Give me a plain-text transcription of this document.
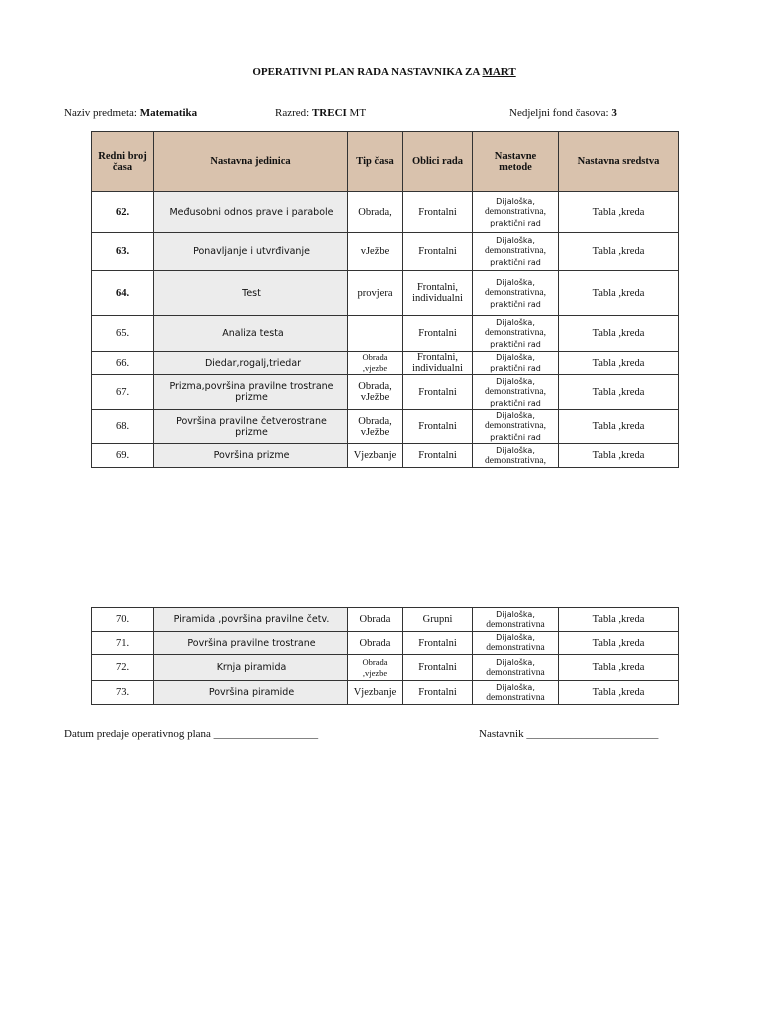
OPERATIVNI PLAN RADA NASTAVNIKA ZA MART
Naziv predmeta: Matematika	Razred: TRECI MT	Nedjeljni fond časova: 3
Redni broj časa	Nastavna jedinica	Tip časa	Oblici rada	Nastavne metode	Nastavna sredstva
62.	Međusobni odnos prave i parabole	Obrada,	Frontalni	Dijaloška,
demonstrativna,
praktični rad	Tabla ,kreda
63.	Ponavljanje i utvrđivanje	vJežbe	Frontalni	Dijaloška,
demonstrativna,
praktični rad	Tabla ,kreda
64.	Test	provjera	Frontalni, individualni	Dijaloška,
demonstrativna,
praktični rad	Tabla ,kreda
65.	Analiza testa		Frontalni	Dijaloška,
demonstrativna,
praktični rad	Tabla ,kreda
66.	Diedar,rogalj,triedar	Obrada ,vjezbe	Frontalni, individualni	Dijaloška,
praktični rad	Tabla ,kreda
67.	Prizma,površina pravilne trostrane prizme	Obrada, vJežbe	Frontalni	Dijaloška,
demonstrativna,
praktični rad	Tabla ,kreda
68.	Površina pravilne četverostrane prizme	Obrada, vJežbe	Frontalni	Dijaloška,
demonstrativna,
praktični rad	Tabla ,kreda
69.	Površina prizme	Vjezbanje	Frontalni	Dijaloška,
demonstrativna,	Tabla ,kreda
70.	Piramida ,površina pravilne četv.	Obrada	Grupni	Dijaloška,
demonstrativna	Tabla ,kreda
71.	Površina pravilne trostrane	Obrada	Frontalni	Dijaloška,
demonstrativna	Tabla ,kreda
72.	Krnja piramida	Obrada ,vjezbe	Frontalni	Dijaloška,
demonstrativna	Tabla ,kreda
73.	Površina piramide	Vjezbanje	Frontalni	Dijaloška,
demonstrativna	Tabla ,kreda
Datum predaje operativnog plana ___________________	Nastavnik ________________________
